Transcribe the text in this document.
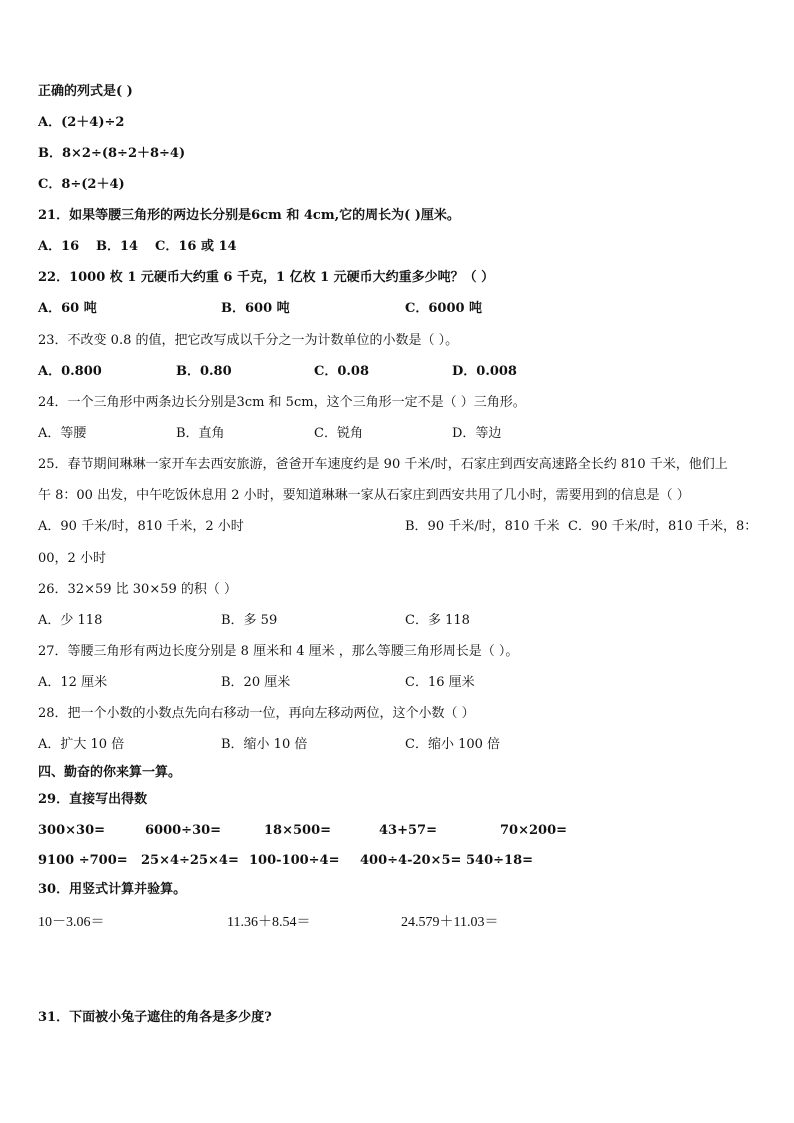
正确的列式是( )
A．(2＋4)÷2
B．8×2÷(8÷2＋8÷4)
C．8÷(2＋4)
21．如果等腰三角形的两边长分别是6cm 和 4cm,它的周长为( )厘米。
A．16 B．14 C．16 或 14
22．1000 枚 1 元硬币大约重 6 千克，1 亿枚 1 元硬币大约重多少吨？（ ）
A．60 吨	B．600 吨	C．6000 吨
23．不改变 0.8 的值，把它改写成以千分之一为计数单位的小数是（ ）。
A．0.800	B．0.80	C．0.08	D．0.008
24．一个三角形中两条边长分别是3cm 和 5cm，这个三角形一定不是（ ）三角形。
A．等腰	B．直角	C．锐角	D．等边
25．春节期间琳琳一家开车去西安旅游，爸爸开车速度约是 90 千米/时，石家庄到西安高速路全长约 810 千米，他们上
午 8：00 出发，中午吃饭休息用 2 小时，要知道琳琳一家从石家庄到西安共用了几小时，需要用到的信息是（ ）
A．90 千米/时，810 千米，2 小时	B．90 千米/时，810 千米 C．90 千米/时，810 千米，8：
00，2 小时
26．32×59 比 30×59 的积（ ）
A．少 118	B．多 59	C．多 118
27．等腰三角形有两边长度分别是 8 厘米和 4 厘米 ，那么等腰三角形周长是（ ）。
A．12 厘米	B．20 厘米	C．16 厘米
28．把一个小数的小数点先向右移动一位，再向左移动两位，这个小数（ ）
A．扩大 10 倍	B．缩小 10 倍	C．缩小 100 倍
四、勤奋的你来算一算。
29．直接写出得数
300×30=	6000÷30=	18×500=	43+57=	70×200=
9100 ÷700= 25×4÷25×4= 100-100÷4= 400÷4-20×5= 540÷18=
30．用竖式计算并验算。
10－3.06＝	11.36＋8.54＝	24.579＋11.03＝
31．下面被小兔子遮住的角各是多少度?
